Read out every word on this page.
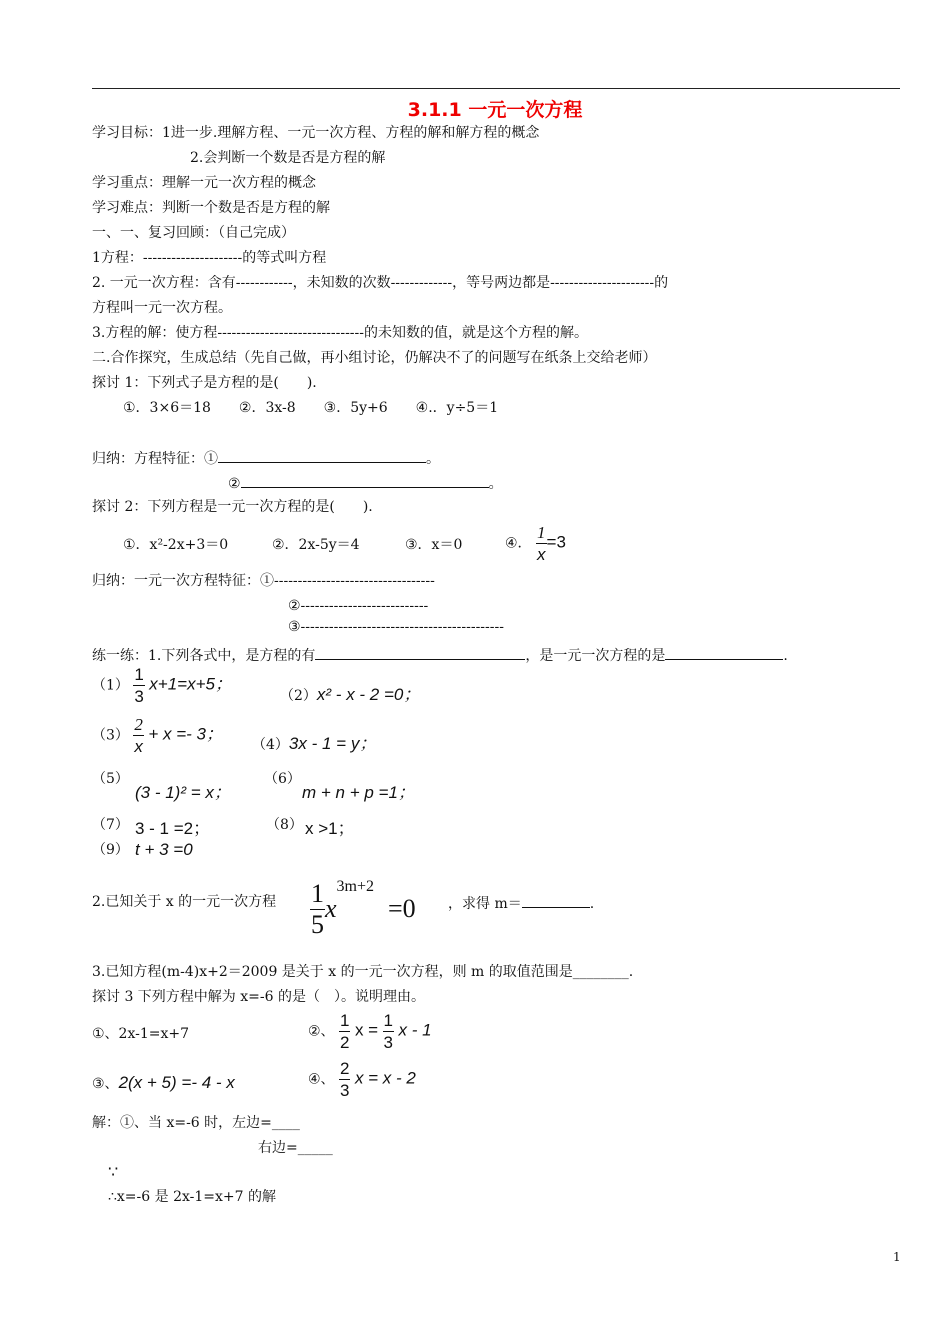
3.1.1 一元一次方程
学习目标：1进一步.理解方程、一元一次方程、方程的解和解方程的概念
2.会判断一个数是否是方程的解
学习重点：理解一元一次方程的概念
学习难点：判断一个数是否是方程的解
一、一、复习回顾：（自己完成）
1方程：---------------------的等式叫方程
2. 一元一次方程：含有------------，未知数的次数-------------，等号两边都是----------------------的
方程叫一元一次方程。
3.方程的解：使方程-------------------------------的未知数的值，就是这个方程的解。
二.合作探究，生成总结（先自己做，再小组讨论，仍解决不了的问题写在纸条上交给老师）
探讨 1：下列式子是方程的是(　　).
①．3×6＝18　　②．3x-8　　③．5y+6　　④.．y÷5＝1
归纳：方程特征：①	。
②	。
探讨 2：下列方程是一元一次方程的是(　　).
①．x²-2x+3＝0	②．2x-5y＝4	③．x＝0	④． $\frac{1}{x} =3$
归纳：一元一次方程特征：①----------------------------------
②---------------------------
③-------------------------------------------
练一练：1.下列各式中，是方程的有	，是一元一次方程的是	.
$(1) \frac{1}{3} x+1=x+5$；
（2）x² - x - 2 =0；
$(3) \frac{2}{x} + x =- 3$；
（4）3x - 1 = y；
（5）
(3 - 1)² = x；
（6）
m + n + p =1；
（7） 3 - 1 =2；	（8） x >1；
（9） t + 3 =0
2.已知关于 x 的一元一次方程 $\frac{1}{5} x3m+2=0$ ，求得 m＝	.
3.已知方程(m-4)x+2＝2009 是关于 x 的一元一次方程，则 m 的取值范围是________.
探讨 3 下列方程中解为 x=-6 的是（　）。说明理由。
①、2x-1=x+7	②、 $\frac{1}{2}$ $x = \frac{1}{3}$ x - 1
③、2(x + 5) =- 4 - x	④、 $\frac{2}{3}$ x = x - 2
解：①、当 x=-6 时，左边=____
右边=_____
∵
∴x=-6 是 2x-1=x+7 的解
1
